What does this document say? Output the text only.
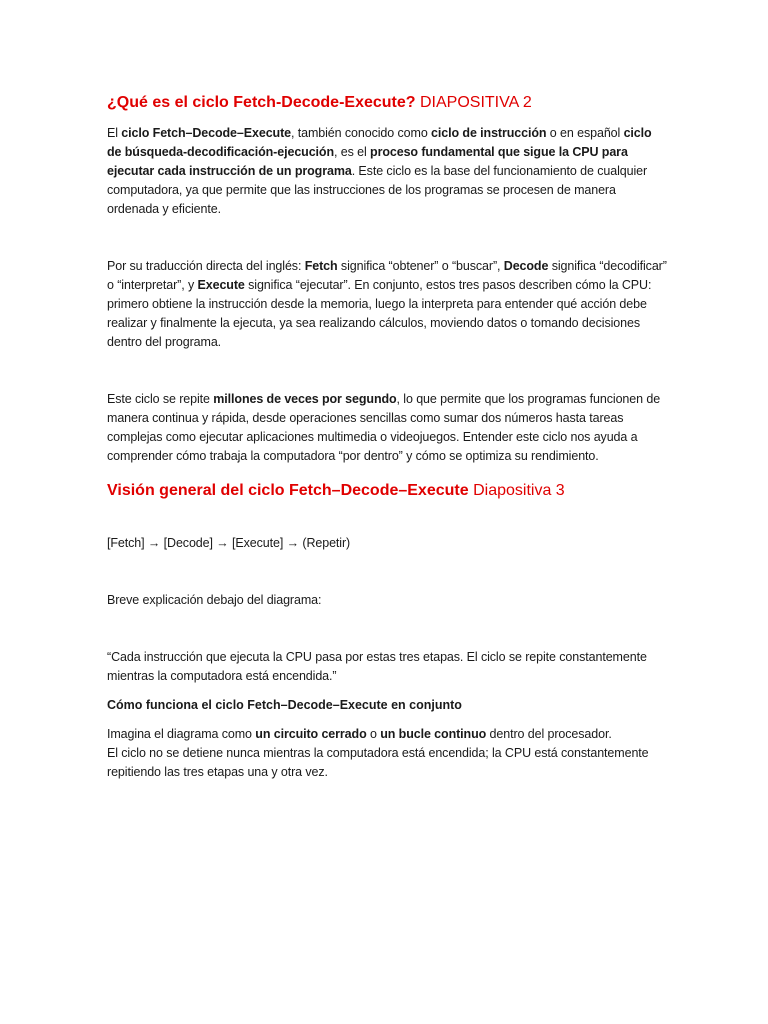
¿Qué es el ciclo Fetch-Decode-Execute? DIAPOSITIVA 2

El ciclo Fetch–Decode–Execute, también conocido como ciclo de instrucción o en español ciclo de búsqueda-decodificación-ejecución, es el proceso fundamental que sigue la CPU para ejecutar cada instrucción de un programa. Este ciclo es la base del funcionamiento de cualquier computadora, ya que permite que las instrucciones de los programas se procesen de manera ordenada y eficiente.

Por su traducción directa del inglés: Fetch significa “obtener” o “buscar”, Decode significa “decodificar” o “interpretar”, y Execute significa “ejecutar”. En conjunto, estos tres pasos describen cómo la CPU: primero obtiene la instrucción desde la memoria, luego la interpreta para entender qué acción debe realizar y finalmente la ejecuta, ya sea realizando cálculos, moviendo datos o tomando decisiones dentro del programa.

Este ciclo se repite millones de veces por segundo, lo que permite que los programas funcionen de manera continua y rápida, desde operaciones sencillas como sumar dos números hasta tareas complejas como ejecutar aplicaciones multimedia o videojuegos. Entender este ciclo nos ayuda a comprender cómo trabaja la computadora “por dentro” y cómo se optimiza su rendimiento.

Visión general del ciclo Fetch–Decode–Execute Diapositiva 3

[Fetch] → [Decode] → [Execute] → (Repetir)

Breve explicación debajo del diagrama:

“Cada instrucción que ejecuta la CPU pasa por estas tres etapas. El ciclo se repite constantemente mientras la computadora está encendida.”

Cómo funciona el ciclo Fetch–Decode–Execute en conjunto

Imagina el diagrama como un circuito cerrado o un bucle continuo dentro del procesador.
El ciclo no se detiene nunca mientras la computadora está encendida; la CPU está constantemente repitiendo las tres etapas una y otra vez.
